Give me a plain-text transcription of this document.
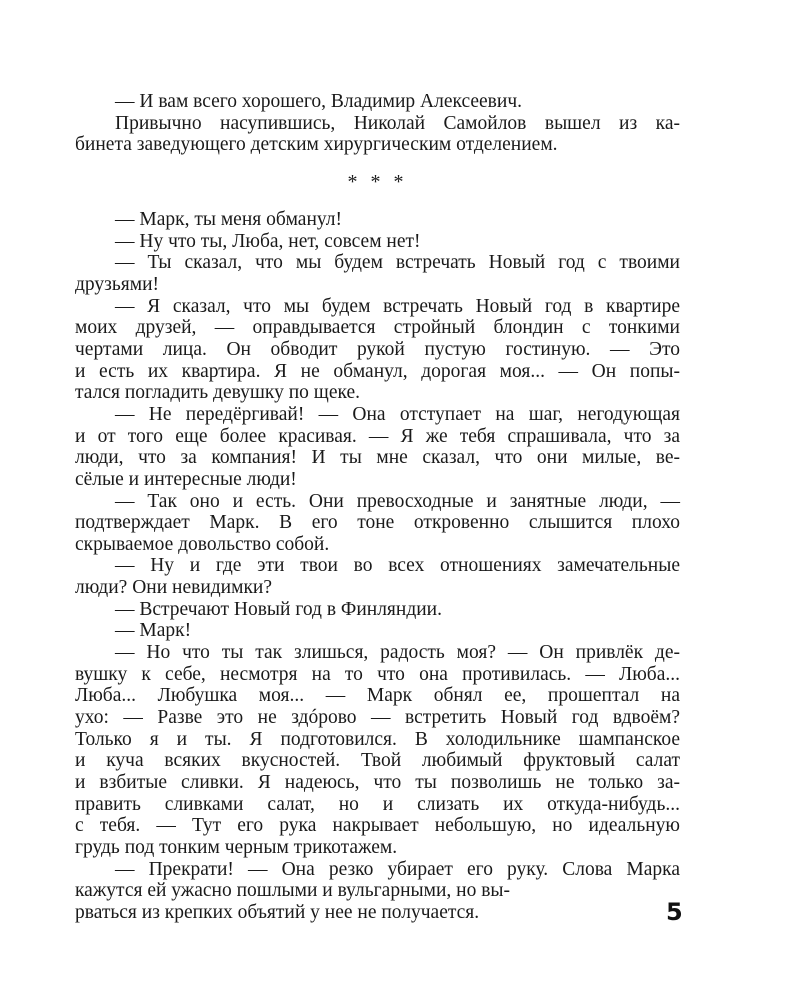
— И вам всего хорошего, Владимир Алексеевич.
Привычно насупившись, Николай Самойлов вышел из ка-
бинета заведующего детским хирургическим отделением.
* * *
— Марк, ты меня обманул!
— Ну что ты, Люба, нет, совсем нет!
— Ты сказал, что мы будем встречать Новый год с твоими
друзьями!
— Я сказал, что мы будем встречать Новый год в квартире
моих друзей, — оправдывается стройный блондин с тонкими
чертами лица. Он обводит рукой пустую гостиную. — Это
и есть их квартира. Я не обманул, дорогая моя... — Он попы-
тался погладить девушку по щеке.
— Не передёргивай! — Она отступает на шаг, негодующая
и от того еще более красивая. — Я же тебя спрашивала, что за
люди, что за компания! И ты мне сказал, что они милые, ве-
сёлые и интересные люди!
— Так оно и есть. Они превосходные и занятные люди, —
подтверждает Марк. В его тоне откровенно слышится плохо
скрываемое довольство собой.
— Ну и где эти твои во всех отношениях замечательные
люди? Они невидимки?
— Встречают Новый год в Финляндии.
— Марк!
— Но что ты так злишься, радость моя? — Он привлёк де-
вушку к себе, несмотря на то что она противилась. — Люба...
Люба... Любушка моя... — Марк обнял ее, прошептал на
ухо: — Разве это не здóрово — встретить Новый год вдвоём?
Только я и ты. Я подготовился. В холодильнике шампанское
и куча всяких вкусностей. Твой любимый фруктовый салат
и взбитые сливки. Я надеюсь, что ты позволишь не только за-
править сливками салат, но и слизать их откуда-нибудь...
с тебя. — Тут его рука накрывает небольшую, но идеальную
грудь под тонким черным трикотажем.
— Прекрати! — Она резко убирает его руку. Слова Марка
кажутся ей ужасно пошлыми и вульгарными, но вы-
рваться из крепких объятий у нее не получается.	5
